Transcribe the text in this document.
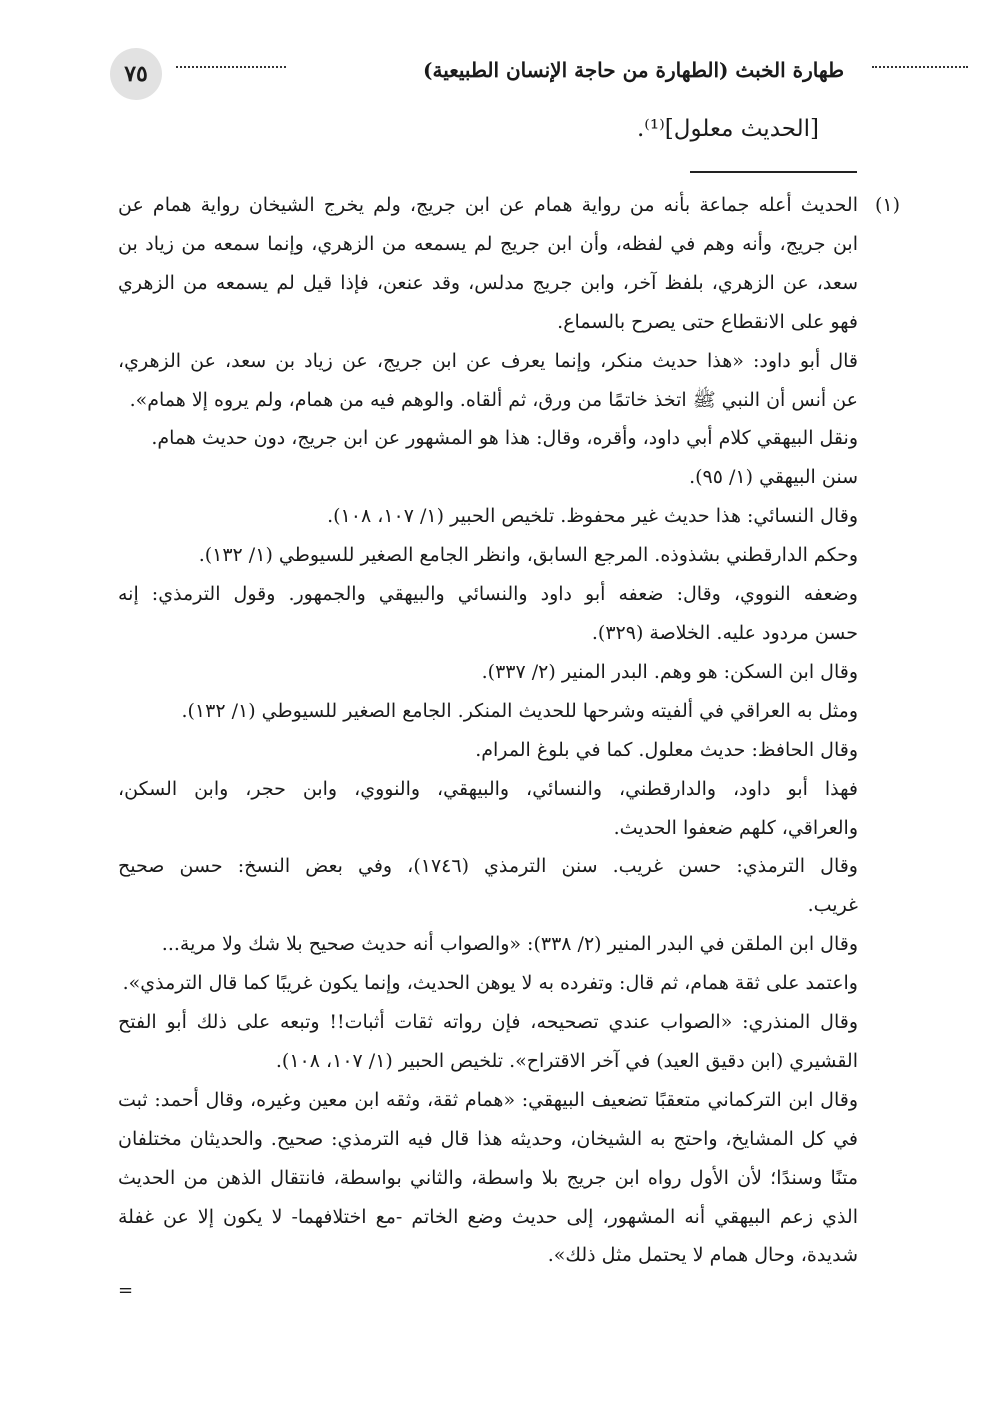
٧٥	طهارة الخبث (الطهارة من حاجة الإنسان الطبيعية)
[الحديث معلول]⁽¹⁾.
(١)
الحديث أعله جماعة بأنه من رواية همام عن ابن جريج، ولم يخرج الشيخان رواية همام عن
ابن جريج، وأنه وهم في لفظه، وأن ابن جريج لم يسمعه من الزهري، وإنما سمعه من زياد بن
سعد، عن الزهري، بلفظ آخر، وابن جريج مدلس، وقد عنعن، فإذا قيل لم يسمعه من الزهري
فهو على الانقطاع حتى يصرح بالسماع.
قال أبو داود: «هذا حديث منكر، وإنما يعرف عن ابن جريج، عن زياد بن سعد، عن الزهري،
عن أنس أن النبي ﷺ اتخذ خاتمًا من ورق، ثم ألقاه. والوهم فيه من همام، ولم يروه إلا همام».
ونقل البيهقي كلام أبي داود، وأقره، وقال: هذا هو المشهور عن ابن جريج، دون حديث همام.
سنن البيهقي (١/ ٩٥).
وقال النسائي: هذا حديث غير محفوظ. تلخيص الحبير (١/ ١٠٧، ١٠٨).
وحكم الدارقطني بشذوذه. المرجع السابق، وانظر الجامع الصغير للسيوطي (١/ ١٣٢).
وضعفه النووي، وقال: ضعفه أبو داود والنسائي والبيهقي والجمهور. وقول الترمذي: إنه
حسن مردود عليه. الخلاصة (٣٢٩).
وقال ابن السكن: هو وهم. البدر المنير (٢/ ٣٣٧).
ومثل به العراقي في ألفيته وشرحها للحديث المنكر. الجامع الصغير للسيوطي (١/ ١٣٢).
وقال الحافظ: حديث معلول. كما في بلوغ المرام.
فهذا أبو داود، والدارقطني، والنسائي، والبيهقي، والنووي، وابن حجر، وابن السكن،
والعراقي، كلهم ضعفوا الحديث.
وقال الترمذي: حسن غريب. سنن الترمذي (١٧٤٦)، وفي بعض النسخ: حسن صحيح
غريب.
وقال ابن الملقن في البدر المنير (٢/ ٣٣٨): «والصواب أنه حديث صحيح بلا شك ولا مرية...
واعتمد على ثقة همام، ثم قال: وتفرده به لا يوهن الحديث، وإنما يكون غريبًا كما قال الترمذي».
وقال المنذري: «الصواب عندي تصحيحه، فإن رواته ثقات أثبات!! وتبعه على ذلك أبو الفتح
القشيري (ابن دقيق العيد) في آخر الاقتراح». تلخيص الحبير (١/ ١٠٧، ١٠٨).
وقال ابن التركماني متعقبًا تضعيف البيهقي: «همام ثقة، وثقه ابن معين وغيره، وقال أحمد: ثبت
في كل المشايخ، واحتج به الشيخان، وحديثه هذا قال فيه الترمذي: صحيح. والحديثان مختلفان
متنًا وسندًا؛ لأن الأول رواه ابن جريج بلا واسطة، والثاني بواسطة، فانتقال الذهن من الحديث
الذي زعم البيهقي أنه المشهور، إلى حديث وضع الخاتم -مع اختلافهما- لا يكون إلا عن غفلة
شديدة، وحال همام لا يحتمل مثل ذلك».
=
